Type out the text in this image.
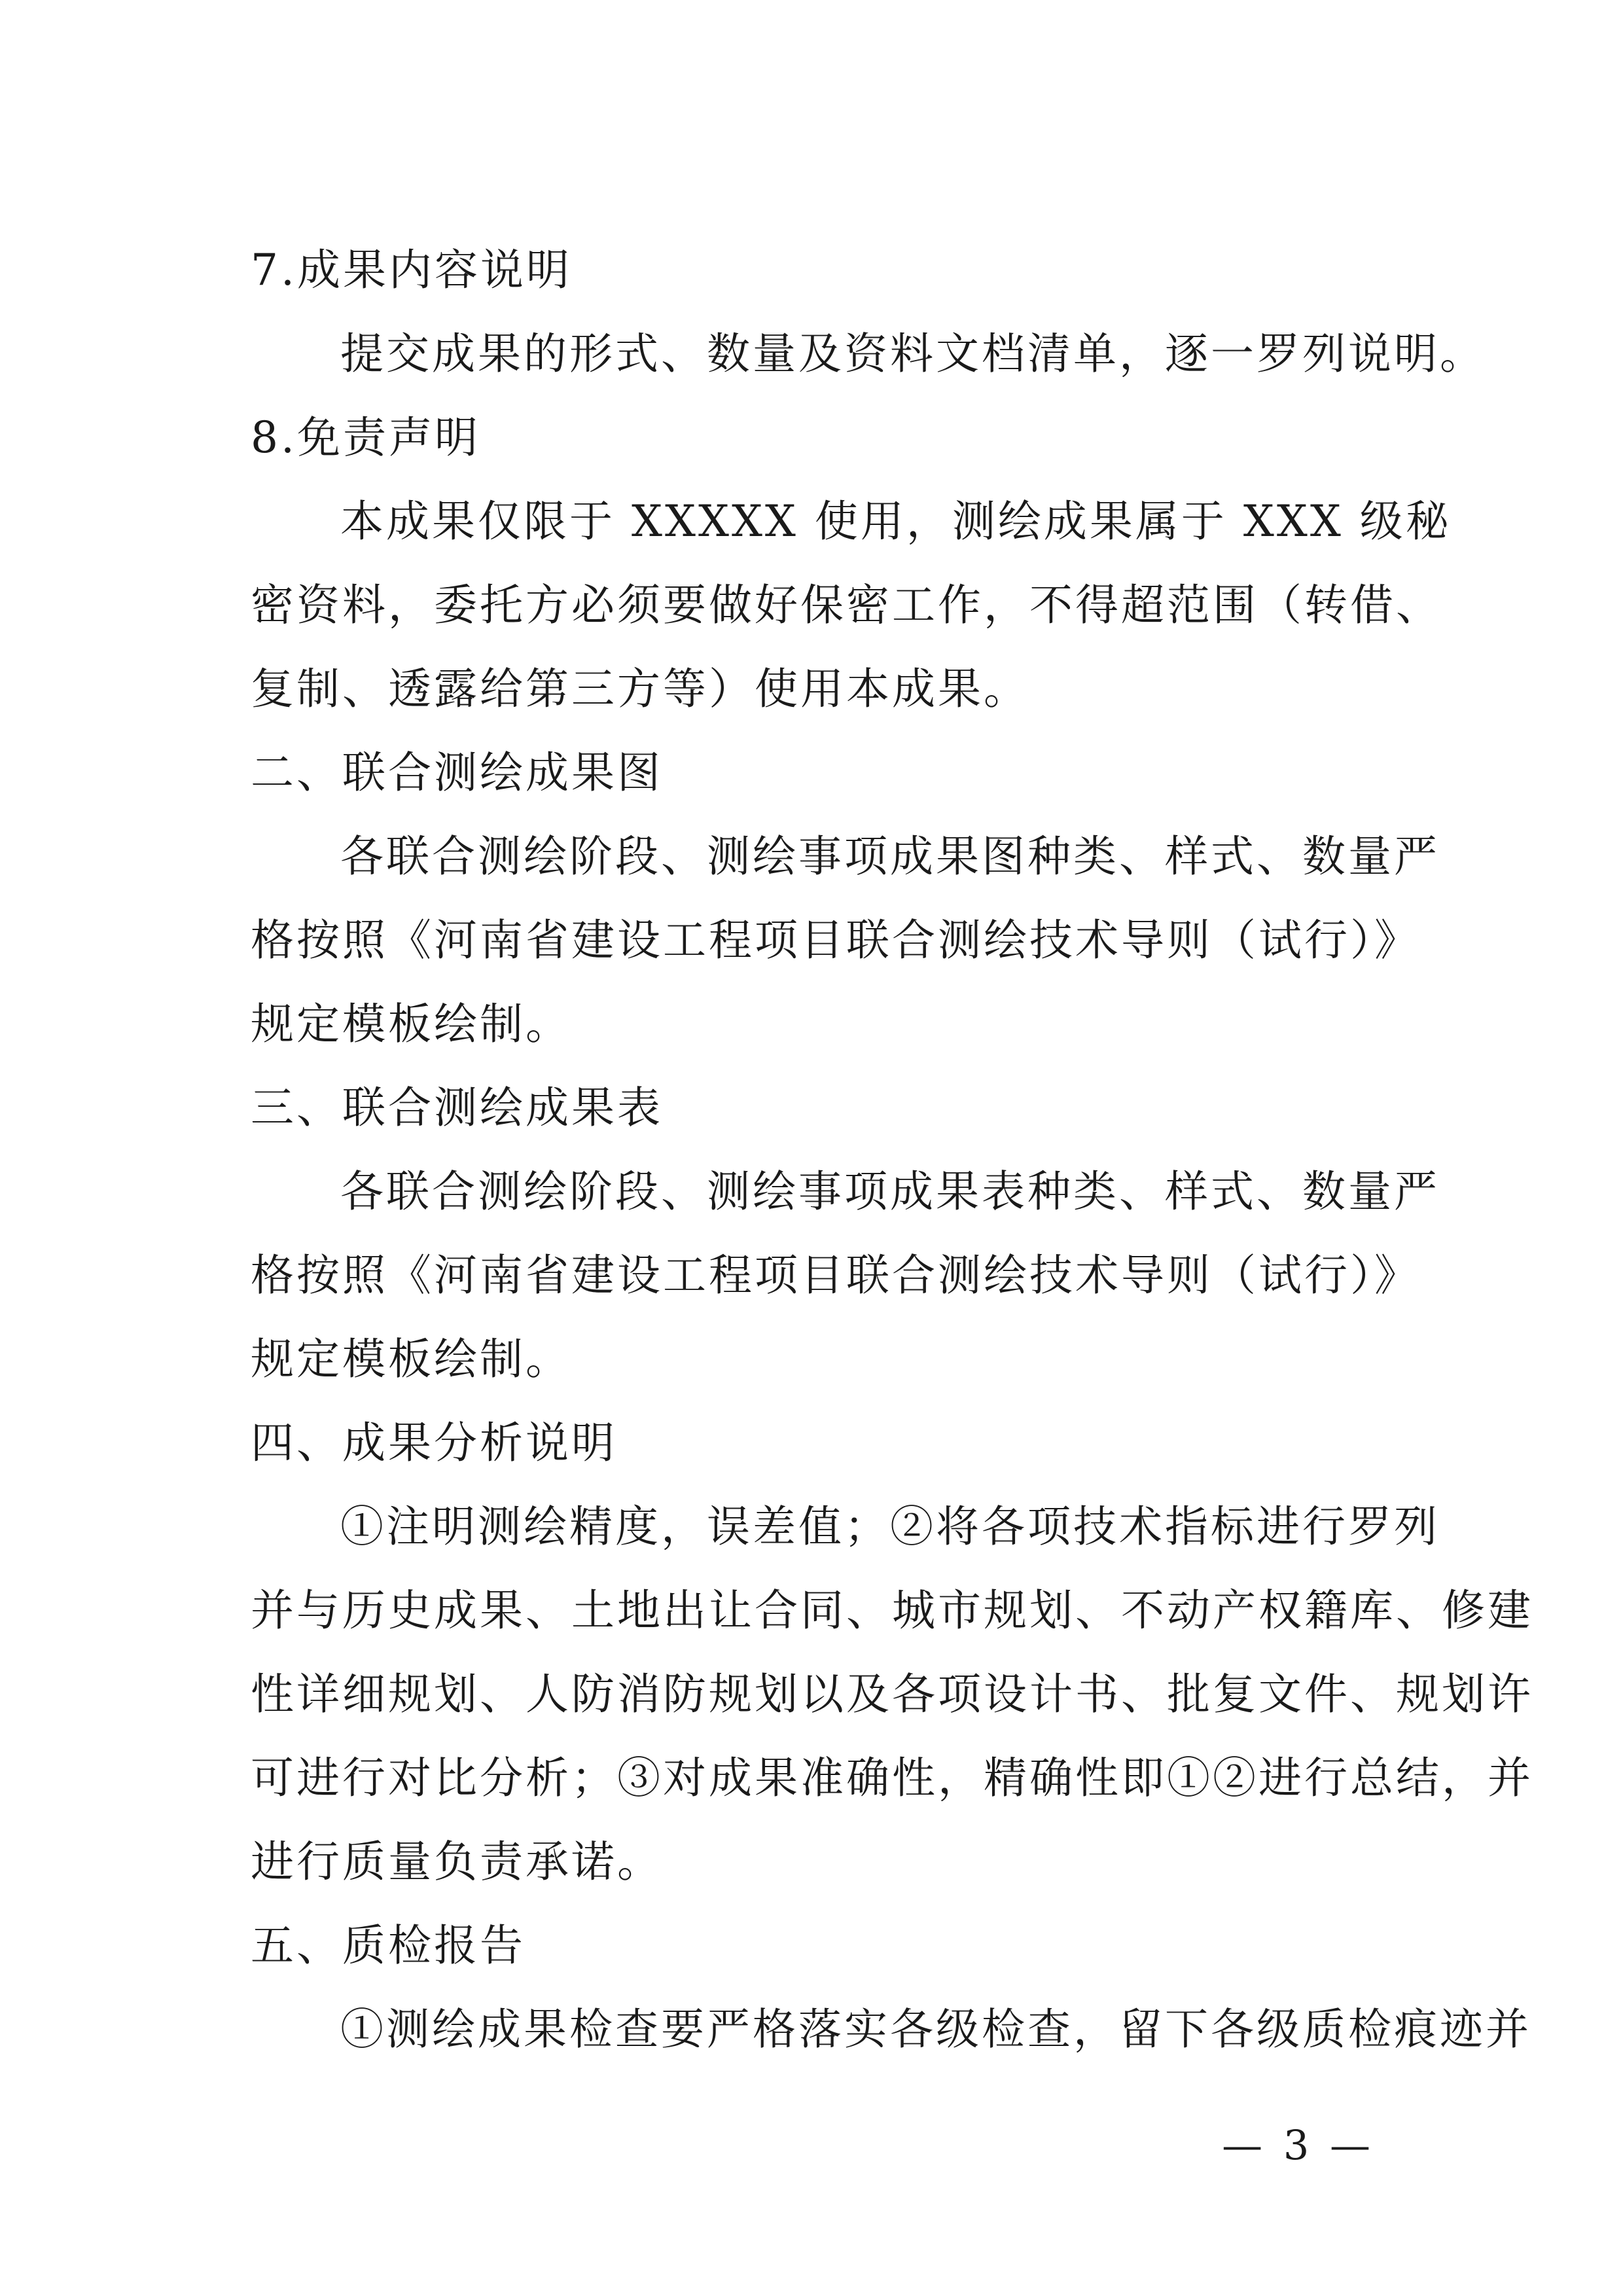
7.成果内容说明
提交成果的形式、数量及资料文档清单，逐一罗列说明。
8.免责声明
本成果仅限于 XXXXX 使用，测绘成果属于 XXX 级秘
密资料，委托方必须要做好保密工作，不得超范围（转借、
复制、透露给第三方等）使用本成果。
二、联合测绘成果图
各联合测绘阶段、测绘事项成果图种类、样式、数量严
格按照《河南省建设工程项目联合测绘技术导则（试行）》
规定模板绘制。
三、联合测绘成果表
各联合测绘阶段、测绘事项成果表种类、样式、数量严
格按照《河南省建设工程项目联合测绘技术导则（试行）》
规定模板绘制。
四、成果分析说明
①注明测绘精度，误差值；②将各项技术指标进行罗列
并与历史成果、土地出让合同、城市规划、不动产权籍库、修建
性详细规划、人防消防规划以及各项设计书、批复文件、规划许
可进行对比分析；③对成果准确性，精确性即①②进行总结，并
进行质量负责承诺。
五、质检报告
①测绘成果检查要严格落实各级检查，留下各级质检痕迹并
— 3 —
